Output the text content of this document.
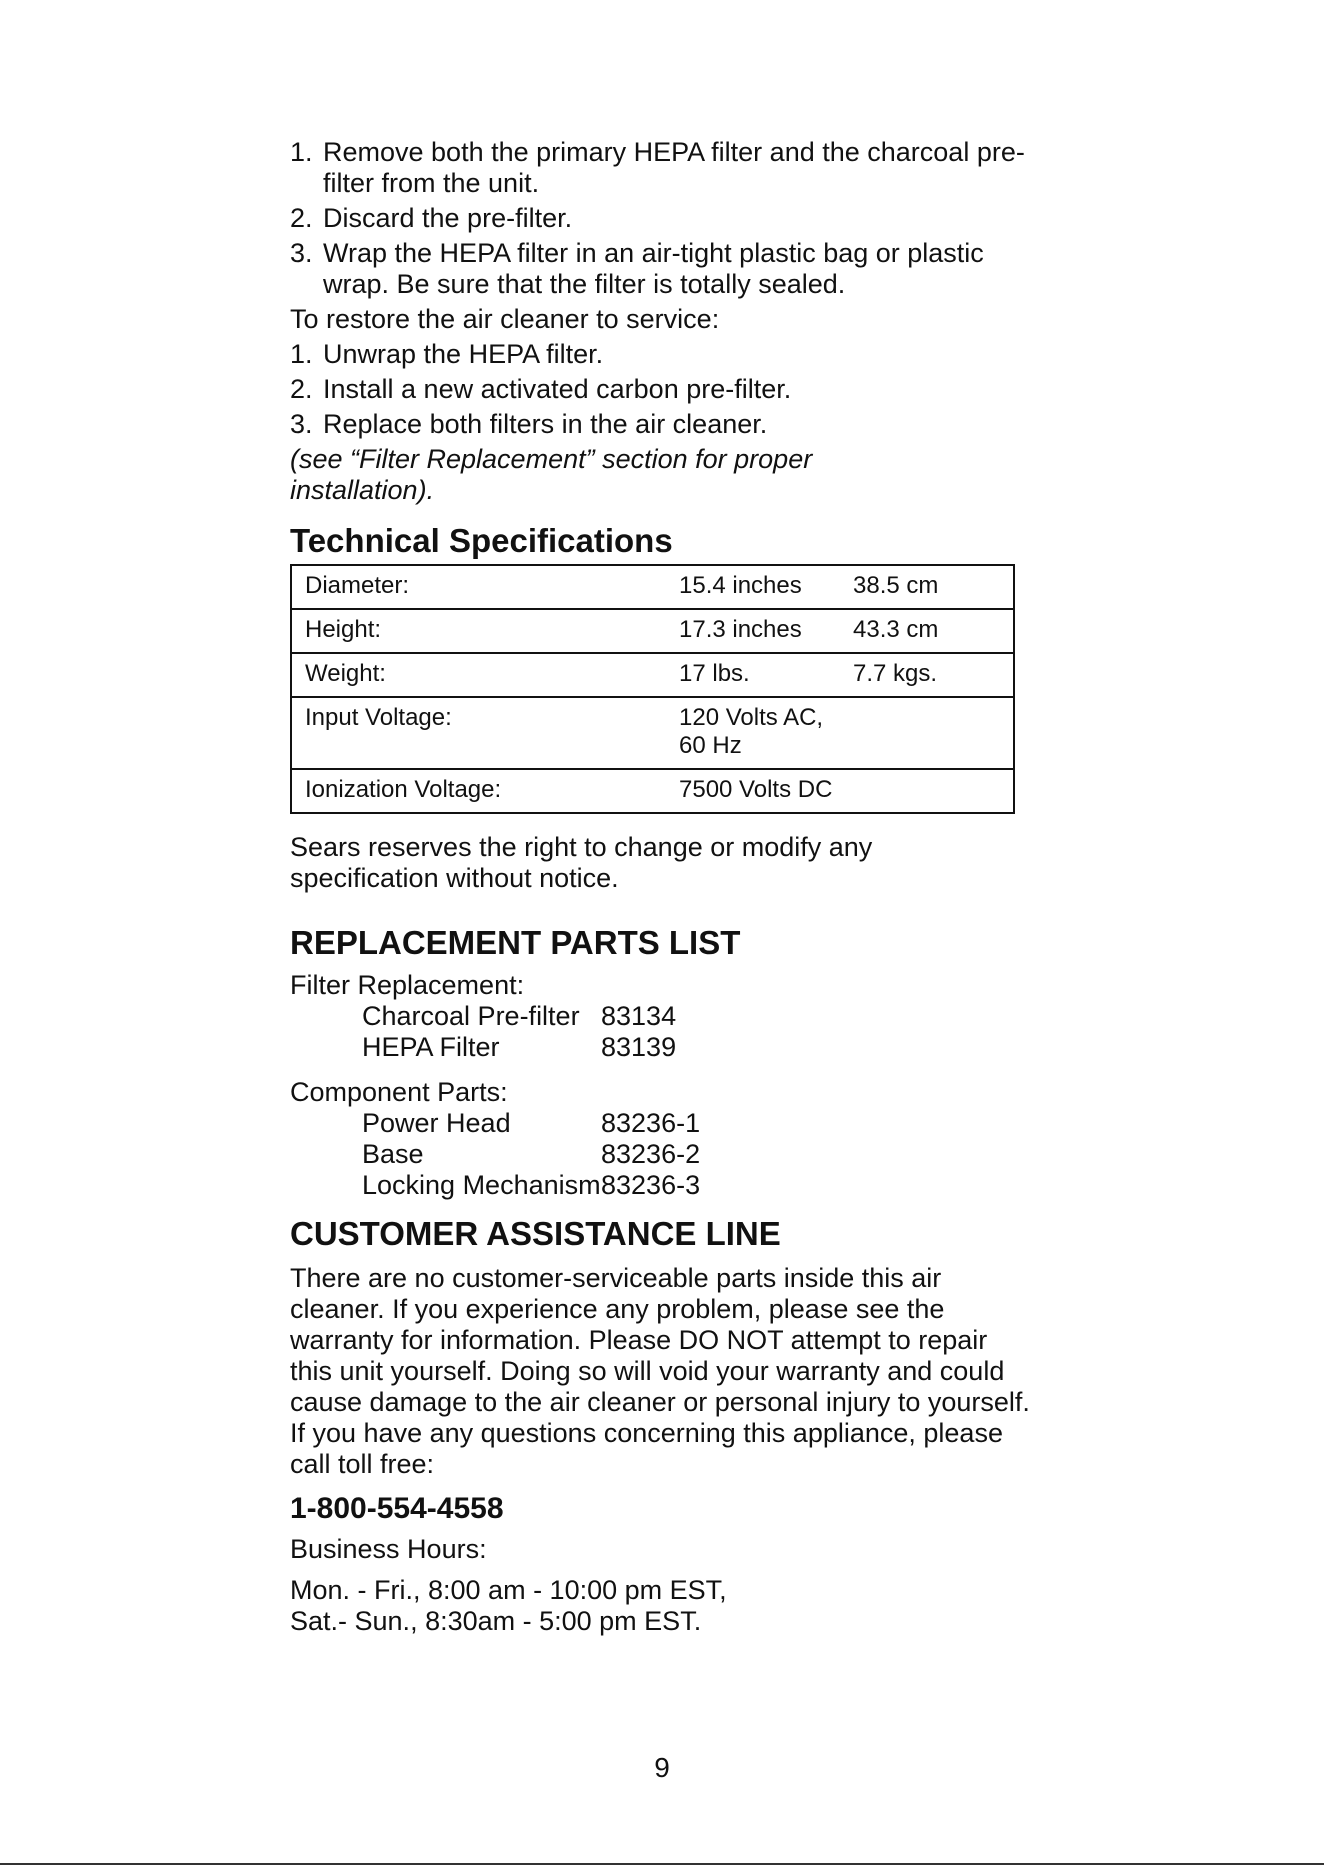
1. Remove both the primary HEPA filter and the charcoal pre-filter from the unit.
2. Discard the pre-filter.
3. Wrap the HEPA filter in an air-tight plastic bag or plastic wrap. Be sure that the filter is totally sealed.
To restore the air cleaner to service:
1. Unwrap the HEPA filter.
2. Install a new activated carbon pre-filter.
3. Replace both filters in the air cleaner.
(see “Filter Replacement” section for proper installation).
Technical Specifications
Diameter:	15.4 inches	38.5 cm
Height:	17.3 inches	43.3 cm
Weight:	17 lbs.	7.7 kgs.
Input Voltage:	120 Volts AC,
60 Hz	
Ionization Voltage:	7500 Volts DC	
Sears reserves the right to change or modify any specification without notice.
REPLACEMENT PARTS LIST
Filter Replacement:
Charcoal Pre-filter 83134
HEPA Filter	83139
Component Parts:
Power Head	83236-1
Base	83236-2
Locking Mechanism 83236-3
CUSTOMER ASSISTANCE LINE
There are no customer-serviceable parts inside this air cleaner. If you experience any problem, please see the warranty for information. Please DO NOT attempt to repair this unit yourself. Doing so will void your warranty and could cause damage to the air cleaner or personal injury to yourself. If you have any questions concerning this appliance, please call toll free:
1-800-554-4558
Business Hours:
Mon. - Fri., 8:00 am - 10:00 pm EST,
Sat.- Sun., 8:30am - 5:00 pm EST.
9
